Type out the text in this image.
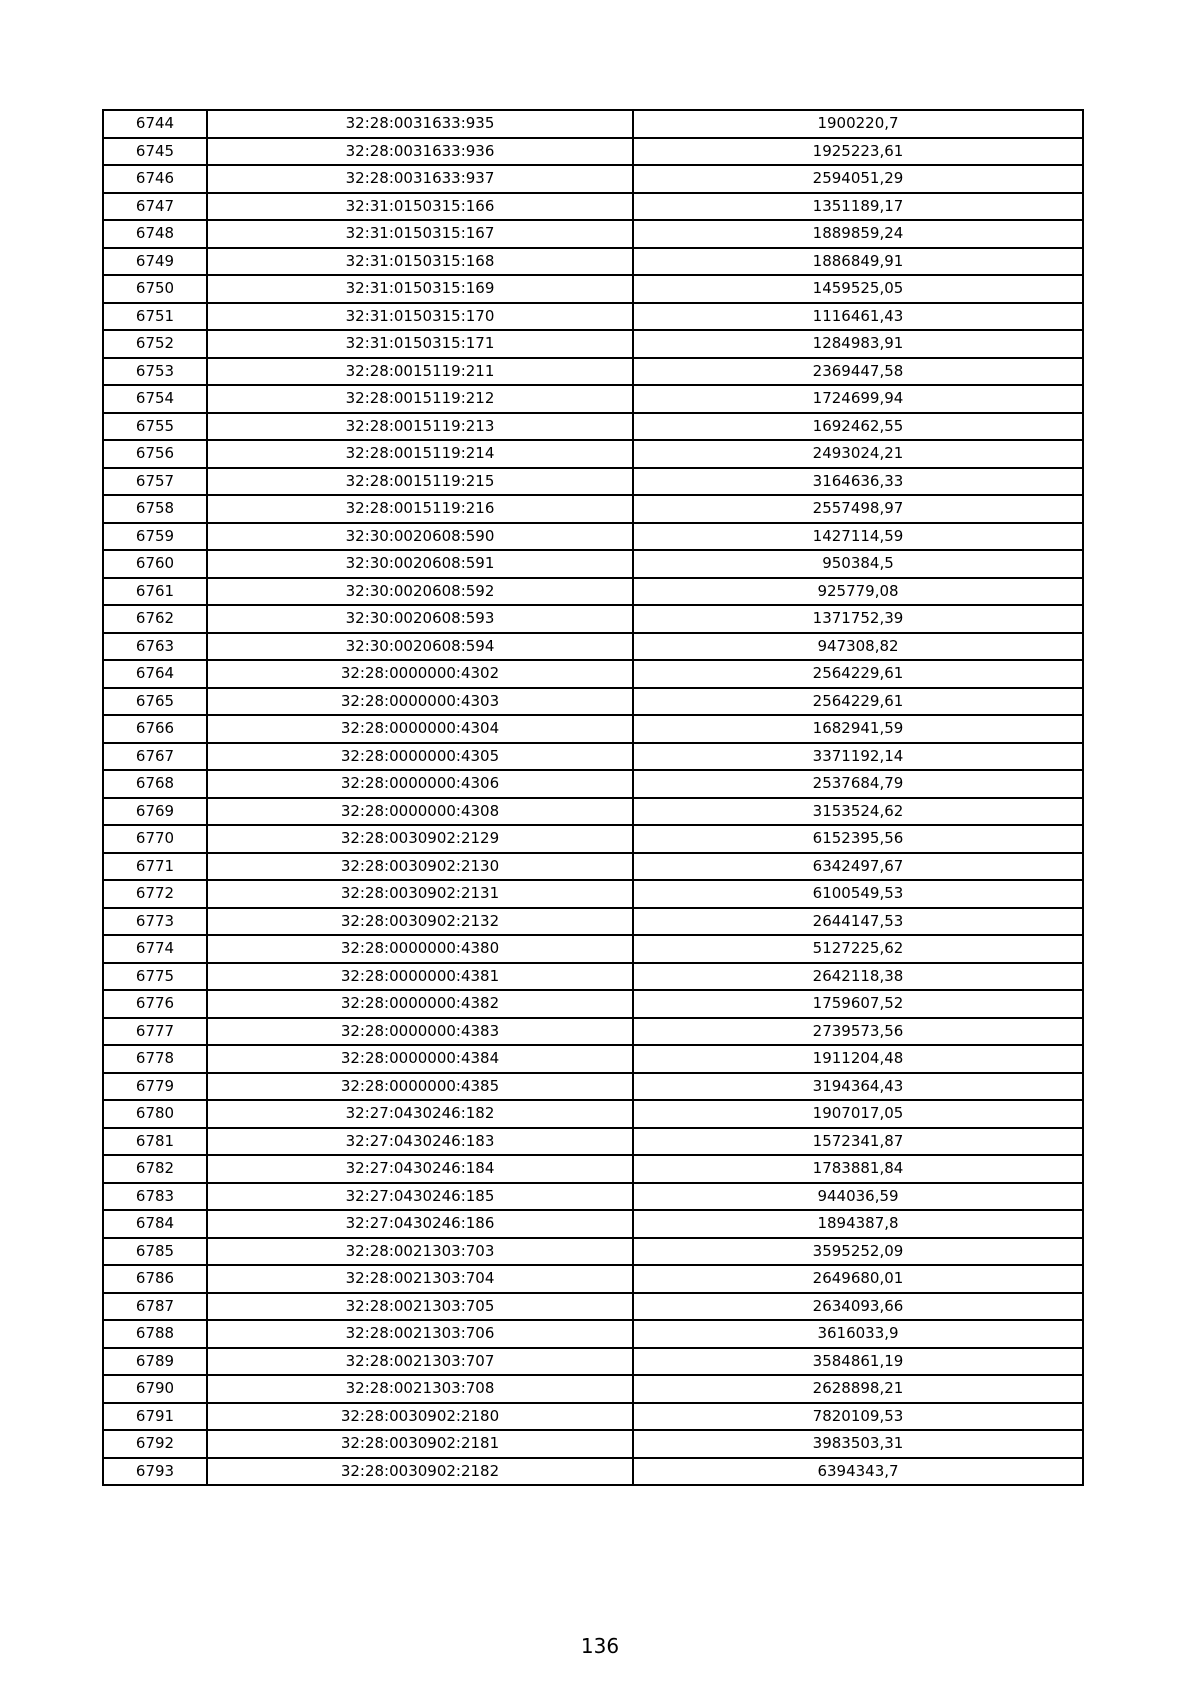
6744	32:28:0031633:935	1900220,7
6745	32:28:0031633:936	1925223,61
6746	32:28:0031633:937	2594051,29
6747	32:31:0150315:166	1351189,17
6748	32:31:0150315:167	1889859,24
6749	32:31:0150315:168	1886849,91
6750	32:31:0150315:169	1459525,05
6751	32:31:0150315:170	1116461,43
6752	32:31:0150315:171	1284983,91
6753	32:28:0015119:211	2369447,58
6754	32:28:0015119:212	1724699,94
6755	32:28:0015119:213	1692462,55
6756	32:28:0015119:214	2493024,21
6757	32:28:0015119:215	3164636,33
6758	32:28:0015119:216	2557498,97
6759	32:30:0020608:590	1427114,59
6760	32:30:0020608:591	950384,5
6761	32:30:0020608:592	925779,08
6762	32:30:0020608:593	1371752,39
6763	32:30:0020608:594	947308,82
6764	32:28:0000000:4302	2564229,61
6765	32:28:0000000:4303	2564229,61
6766	32:28:0000000:4304	1682941,59
6767	32:28:0000000:4305	3371192,14
6768	32:28:0000000:4306	2537684,79
6769	32:28:0000000:4308	3153524,62
6770	32:28:0030902:2129	6152395,56
6771	32:28:0030902:2130	6342497,67
6772	32:28:0030902:2131	6100549,53
6773	32:28:0030902:2132	2644147,53
6774	32:28:0000000:4380	5127225,62
6775	32:28:0000000:4381	2642118,38
6776	32:28:0000000:4382	1759607,52
6777	32:28:0000000:4383	2739573,56
6778	32:28:0000000:4384	1911204,48
6779	32:28:0000000:4385	3194364,43
6780	32:27:0430246:182	1907017,05
6781	32:27:0430246:183	1572341,87
6782	32:27:0430246:184	1783881,84
6783	32:27:0430246:185	944036,59
6784	32:27:0430246:186	1894387,8
6785	32:28:0021303:703	3595252,09
6786	32:28:0021303:704	2649680,01
6787	32:28:0021303:705	2634093,66
6788	32:28:0021303:706	3616033,9
6789	32:28:0021303:707	3584861,19
6790	32:28:0021303:708	2628898,21
6791	32:28:0030902:2180	7820109,53
6792	32:28:0030902:2181	3983503,31
6793	32:28:0030902:2182	6394343,7
136
